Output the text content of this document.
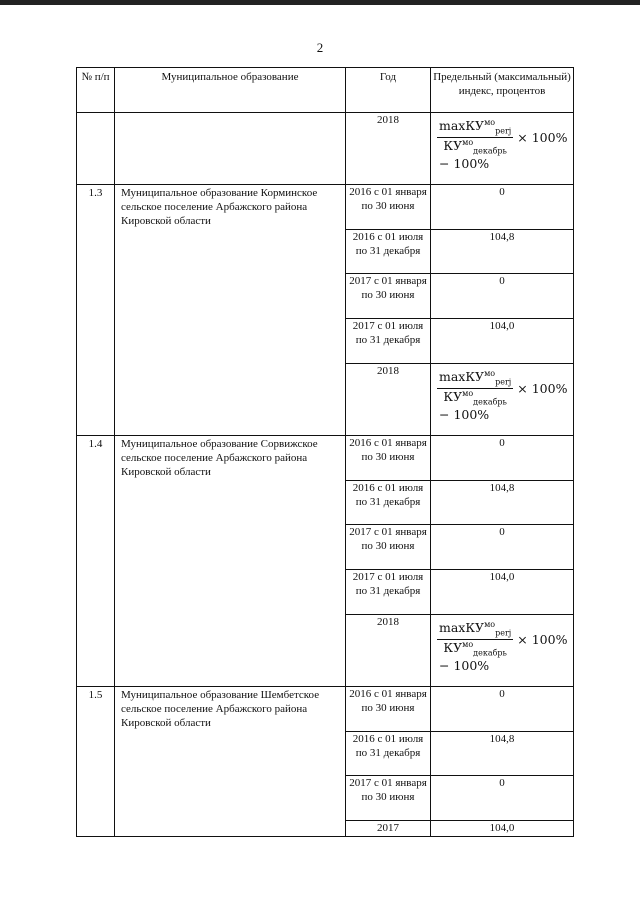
2
№ п/п	Муниципальное образование	Год	Предельный (максимальный) индекс, процентов
		2018	$\frac{\max КУ^{мо}_{perj}}{КУ^{мо}_{декабрь}} \times 100\%$
− 100%

1.3	Муниципальное образование Корминское сельское поселение Арбажского района Кировской области	2016 с 01 января по 30 июня	0
		2016 с 01 июля по 31 декабря	104,8
		2017 с 01 января по 30 июня	0
		2017 с 01 июля по 31 декабря	104,0
		2018	$\frac{\max КУ^{мо}_{perj}}{КУ^{мо}_{декабрь}} \times 100\%$
− 100%

1.4	Муниципальное образование Сорвижское сельское поселение Арбажского района Кировской области	2016 с 01 января по 30 июня	0
		2016 с 01 июля по 31 декабря	104,8
		2017 с 01 января по 30 июня	0
		2017 с 01 июля по 31 декабря	104,0
		2018	$\frac{\max КУ^{мо}_{perj}}{КУ^{мо}_{декабрь}} \times 100\%$
− 100%

1.5	Муниципальное образование Шембетское сельское поселение Арбажского района Кировской области	2016 с 01 января по 30 июня	0
		2016 с 01 июля по 31 декабря	104,8
		2017 с 01 января по 30 июня	0
		2017	104,0
